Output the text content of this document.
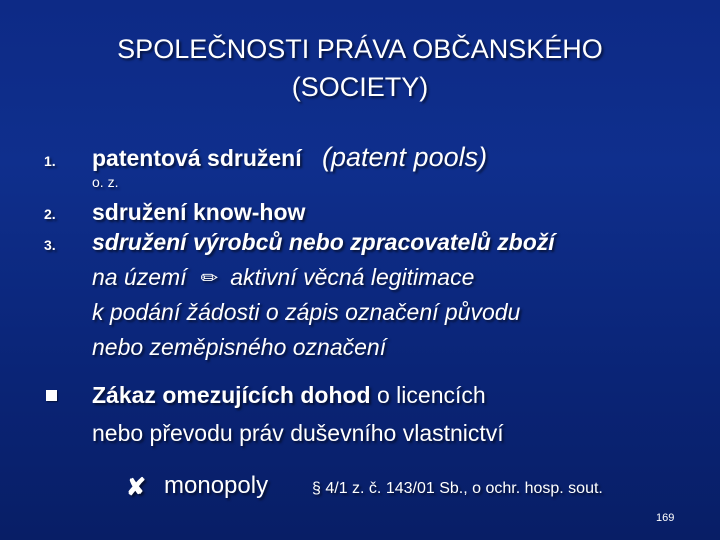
SPOLEČNOSTI PRÁVA OBČANSKÉHO
(SOCIETY)
1. patentová sdružení (patent pools)
o. z.
2. sdružení know-how
3. sdružení výrobců nebo zpracovatelů zboží
na území ✏ aktivní věcná legitimace
k podání žádosti o zápis označení původu
nebo zeměpisného označení
Zákaz omezujících dohod o licencích
nebo převodu práv duševního vlastnictví
✘ monopoly	§ 4/1 z. č. 143/01 Sb., o ochr. hosp. sout.
169
